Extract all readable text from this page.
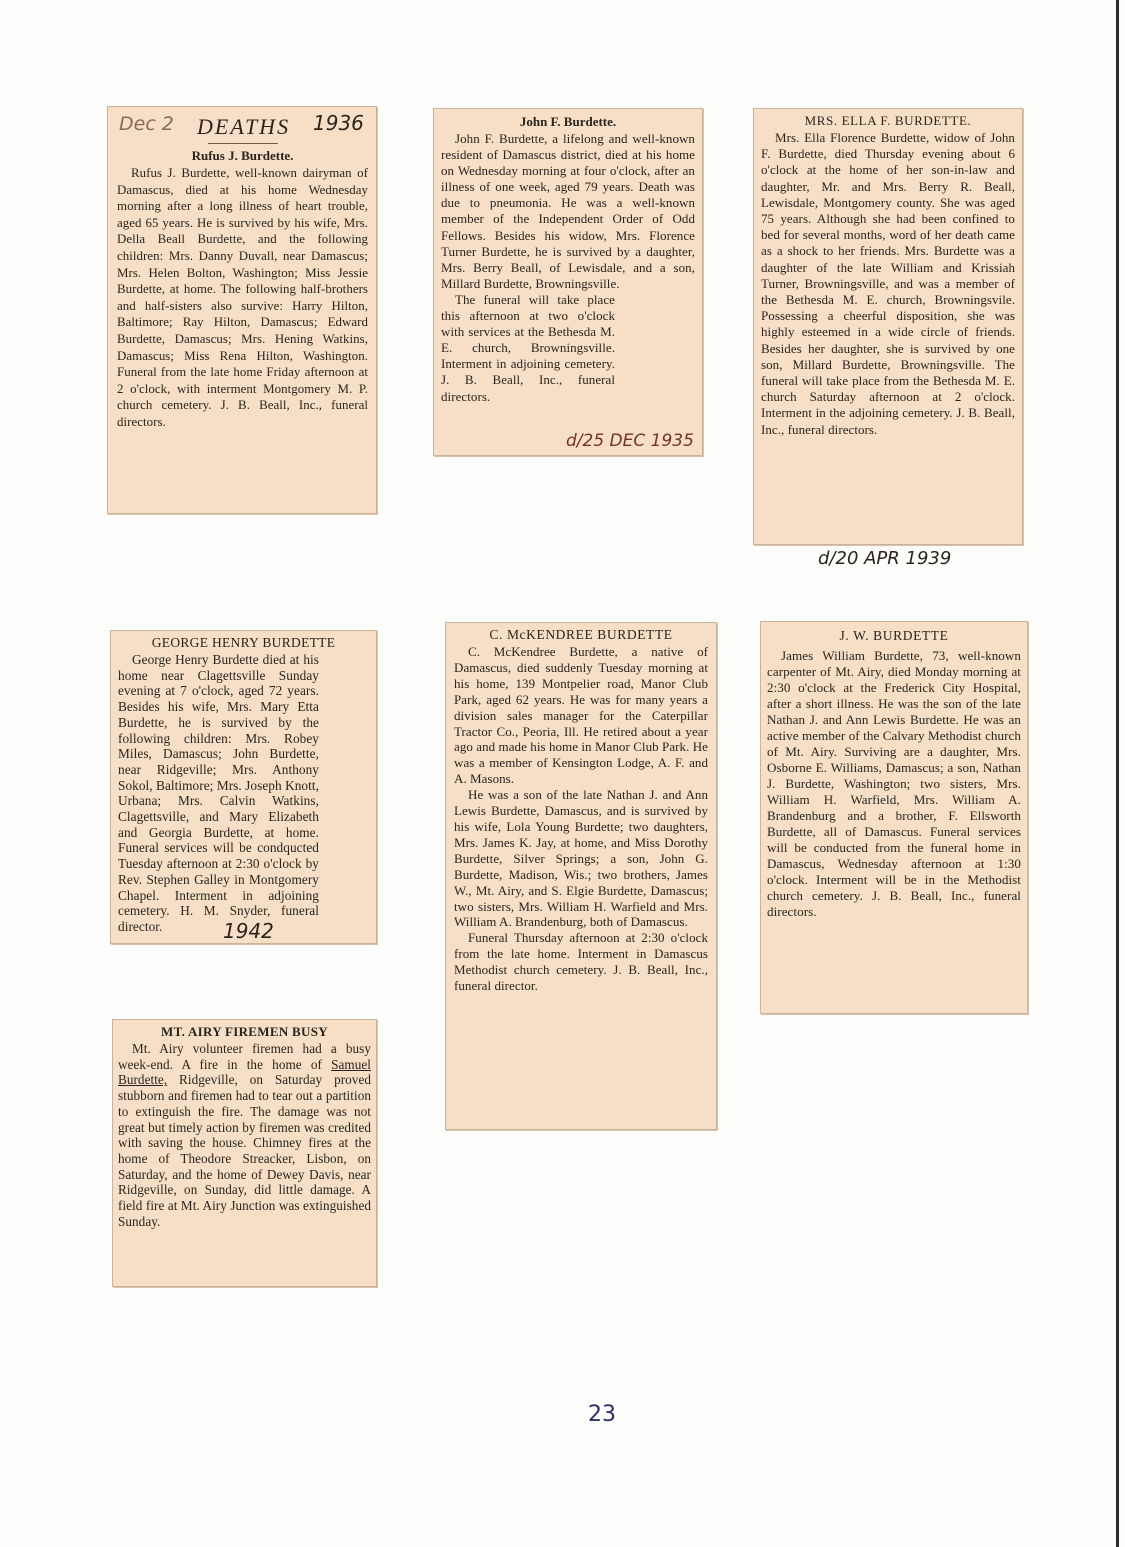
Dec 2 DEATHS 1936
Rufus J. Burdette.

Rufus J. Burdette, well-known dairyman of Damascus, died at his home Wednesday morning after a long illness of heart trouble, aged 65 years. He is survived by his wife, Mrs. Della Beall Burdette, and the following children: Mrs. Danny Duvall, near Damascus; Mrs. Helen Bolton, Washington; Miss Jessie Burdette, at home. The following half-brothers and half-sisters also survive: Harry Hilton, Baltimore; Ray Hilton, Damascus; Edward Burdette, Damascus; Mrs. Hening Watkins, Damascus; Miss Rena Hilton, Washington. Funeral from the late home Friday afternoon at 2 o'clock, with interment Montgomery M. P. church cemetery. J. B. Beall, Inc., funeral directors.

John F. Burdette.

John F. Burdette, a lifelong and well-known resident of Damascus district, died at his home on Wednesday morning at four o'clock, after an illness of one week, aged 79 years. Death was due to pneumonia. He was a well-known member of the Independent Order of Odd Fellows. Besides his widow, Mrs. Florence Turner Burdette, he is survived by a daughter, Mrs. Berry Beall, of Lewisdale, and a son, Millard Burdette, Browningsville.

The funeral will take place this afternoon at two o'clock with services at the Bethesda M. E. church, Browningsville. Interment in adjoining cemetery. J. B. Beall, Inc., funeral directors.

d/25 DEC 1935
MRS. ELLA F. BURDETTE.

Mrs. Ella Florence Burdette, widow of John F. Burdette, died Thursday evening about 6 o'clock at the home of her son-in-law and daughter, Mr. and Mrs. Berry R. Beall, Lewisdale, Montgomery county. She was aged 75 years. Although she had been confined to bed for several months, word of her death came as a shock to her friends. Mrs. Burdette was a daughter of the late William and Krissiah Turner, Browningsville, and was a member of the Bethesda M. E. church, Browningsvile. Possessing a cheerful disposition, she was highly esteemed in a wide circle of friends. Besides her daughter, she is survived by one son, Millard Burdette, Browningsville. The funeral will take place from the Bethesda M. E. church Saturday afternoon at 2 o'clock. Interment in the adjoining cemetery. J. B. Beall, Inc., funeral directors.

d/20 APR 1939
GEORGE HENRY BURDETTE

George Henry Burdette died at his home near Clagettsville Sunday evening at 7 o'clock, aged 72 years. Besides his wife, Mrs. Mary Etta Burdette, he is survived by the following children: Mrs. Robey Miles, Damascus; John Burdette, near Ridgeville; Mrs. Anthony Sokol, Baltimore; Mrs. Joseph Knott, Urbana; Mrs. Calvin Watkins, Clagettsville, and Mary Elizabeth and Georgia Burdette, at home. Funeral services will be condqucted Tuesday afternoon at 2:30 o'clock by Rev. Stephen Galley in Montgomery Chapel. Interment in adjoining cemetery. H. M. Snyder, funeral director.	1942
C. McKENDREE BURDETTE

C. McKendree Burdette, a native of Damascus, died suddenly Tuesday morning at his home, 139 Montpelier road, Manor Club Park, aged 62 years. He was for many years a division sales manager for the Caterpillar Tractor Co., Peoria, Ill. He retired about a year ago and made his home in Manor Club Park. He was a member of Kensington Lodge, A. F. and A. Masons.

He was a son of the late Nathan J. and Ann Lewis Burdette, Damascus, and is survived by his wife, Lola Young Burdette; two daughters, Mrs. James K. Jay, at home, and Miss Dorothy Burdette, Silver Springs; a son, John G. Burdette, Madison, Wis.; two brothers, James W., Mt. Airy, and S. Elgie Burdette, Damascus; two sisters, Mrs. William H. Warfield and Mrs. William A. Brandenburg, both of Damascus.

Funeral Thursday afternoon at 2:30 o'clock from the late home. Interment in Damascus Methodist church cemetery. J. B. Beall, Inc., funeral director.

J. W. BURDETTE

James William Burdette, 73, well-known carpenter of Mt. Airy, died Monday morning at 2:30 o'clock at the Frederick City Hospital, after a short illness. He was the son of the late Nathan J. and Ann Lewis Burdette. He was an active member of the Calvary Methodist church of Mt. Airy. Surviving are a daughter, Mrs. Osborne E. Williams, Damascus; a son, Nathan J. Burdette, Washington; two sisters, Mrs. William H. Warfield, Mrs. William A. Brandenburg and a brother, F. Ellsworth Burdette, all of Damascus. Funeral services will be conducted from the funeral home in Damascus, Wednesday afternoon at 1:30 o'clock. Interment will be in the Methodist church cemetery. J. B. Beall, Inc., funeral directors.

MT. AIRY FIREMEN BUSY

Mt. Airy volunteer firemen had a busy week-end. A fire in the home of Samuel Burdette, Ridgeville, on Saturday proved stubborn and firemen had to tear out a partition to extinguish the fire. The damage was not great but timely action by firemen was credited with saving the house. Chimney fires at the home of Theodore Streacker, Lisbon, on Saturday, and the home of Dewey Davis, near Ridgeville, on Sunday, did little damage. A field fire at Mt. Airy Junction was extinguished Sunday.

23
